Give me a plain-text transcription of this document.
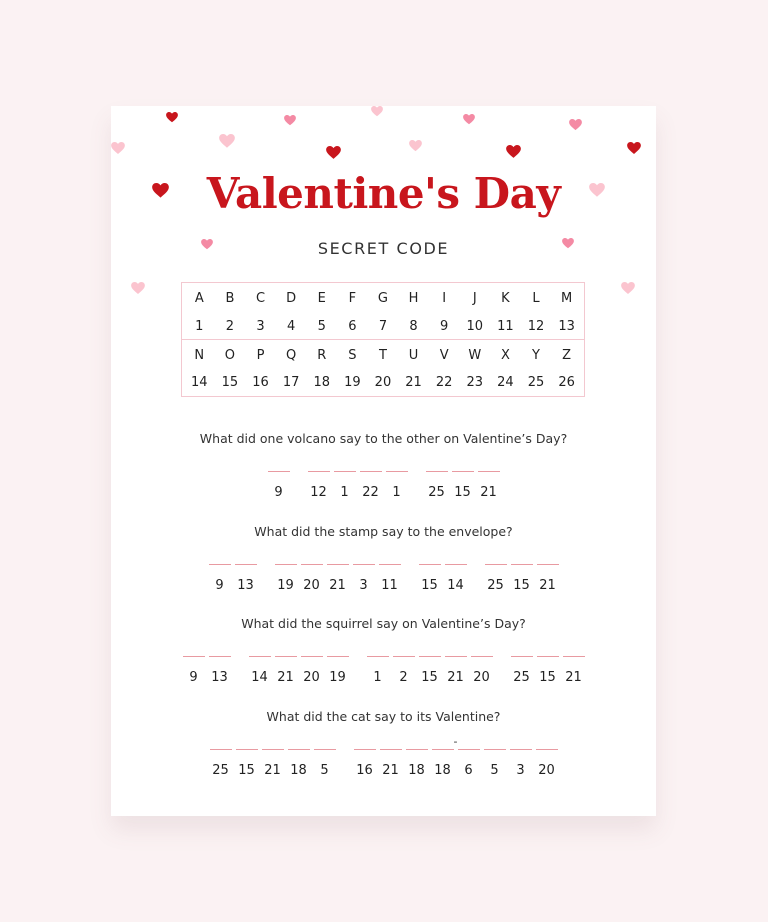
Valentine's Day
SECRET CODE
A	B	C	D	E	F	G	H	I	J	K	L	M
1	2	3	4	5	6	7	8	9	10 11 12 13
N	O	P	Q	R	S	T	U	V	W	X	Y	Z
14 15 16 17 18 19 20 21 22 23 24 25 26
What did one volcano say to the other on Valentine’s Day?
9	12	1	22	1	25 15 21
What did the stamp say to the envelope?
9	13	19 20 21	3	11	15 14	25 15 21
What did the squirrel say on Valentine’s Day?
9	13	14 21 20 19	1	2	15 21 20	25 15 21
What did the cat say to its Valentine?
25 15 21 18	5	16 21 18 18	6	5	3	20
-
